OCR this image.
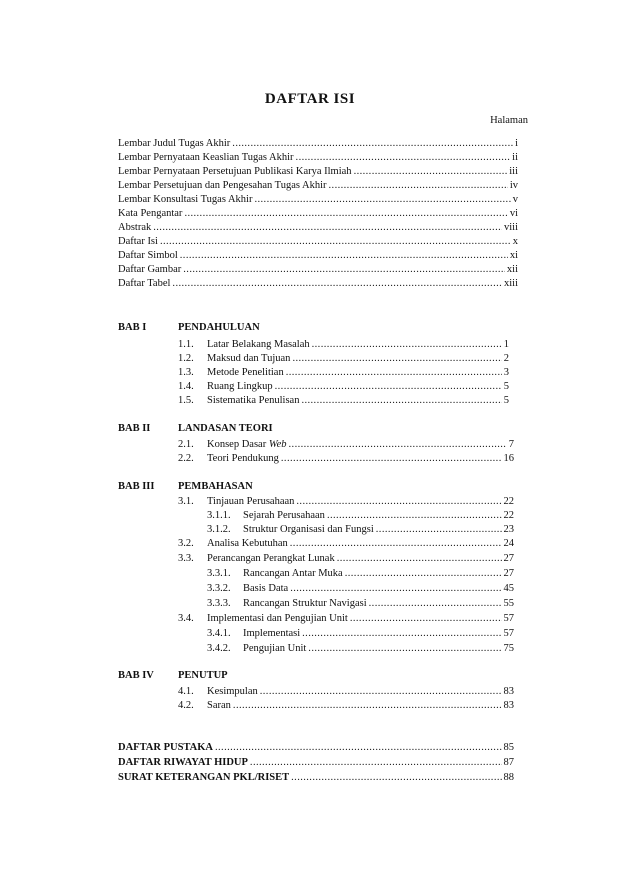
DAFTAR ISI
Halaman
Lembar Judul Tugas Akhir .....	i
Lembar Pernyataan Keaslian Tugas Akhir .....	ii
Lembar Pernyataan Persetujuan Publikasi Karya Ilmiah .....	iii
Lembar Persetujuan dan Pengesahan Tugas Akhir .....	iv
Lembar Konsultasi Tugas Akhir .....	v
Kata Pengantar .....	vi
Abstrak .....	viii
Daftar Isi .....	x
Daftar Simbol .....	xi
Daftar Gambar .....	xii
Daftar Tabel .....	xiii
BAB I	PENDAHULUAN
1.1. Latar Belakang Masalah .....	1
1.2. Maksud dan Tujuan .....	2
1.3. Metode Penelitian .....	3
1.4. Ruang Lingkup .....	5
1.5. Sistematika Penulisan .....	5
BAB II	LANDASAN TEORI
2.1. Konsep Dasar Web .....	7
2.2. Teori Pendukung .....	16
BAB III PEMBAHASAN
3.1. Tinjauan Perusahaan .....	22
3.1.1. Sejarah Perusahaan .....	22
3.1.2. Struktur Organisasi dan Fungsi .....	23
3.2. Analisa Kebutuhan .....	24
3.3. Perancangan Perangkat Lunak .....	27
3.3.1. Rancangan Antar Muka .....	27
3.3.2. Basis Data .....	45
3.3.3. Rancangan Struktur Navigasi .....	55
3.4. Implementasi dan Pengujian Unit .....	57
3.4.1. Implementasi .....	57
3.4.2. Pengujian Unit .....	75
BAB IV PENUTUP
4.1. Kesimpulan .....	83
4.2. Saran .....	83
DAFTAR PUSTAKA .....	85
DAFTAR RIWAYAT HIDUP .....	87
SURAT KETERANGAN PKL/RISET .....	88
